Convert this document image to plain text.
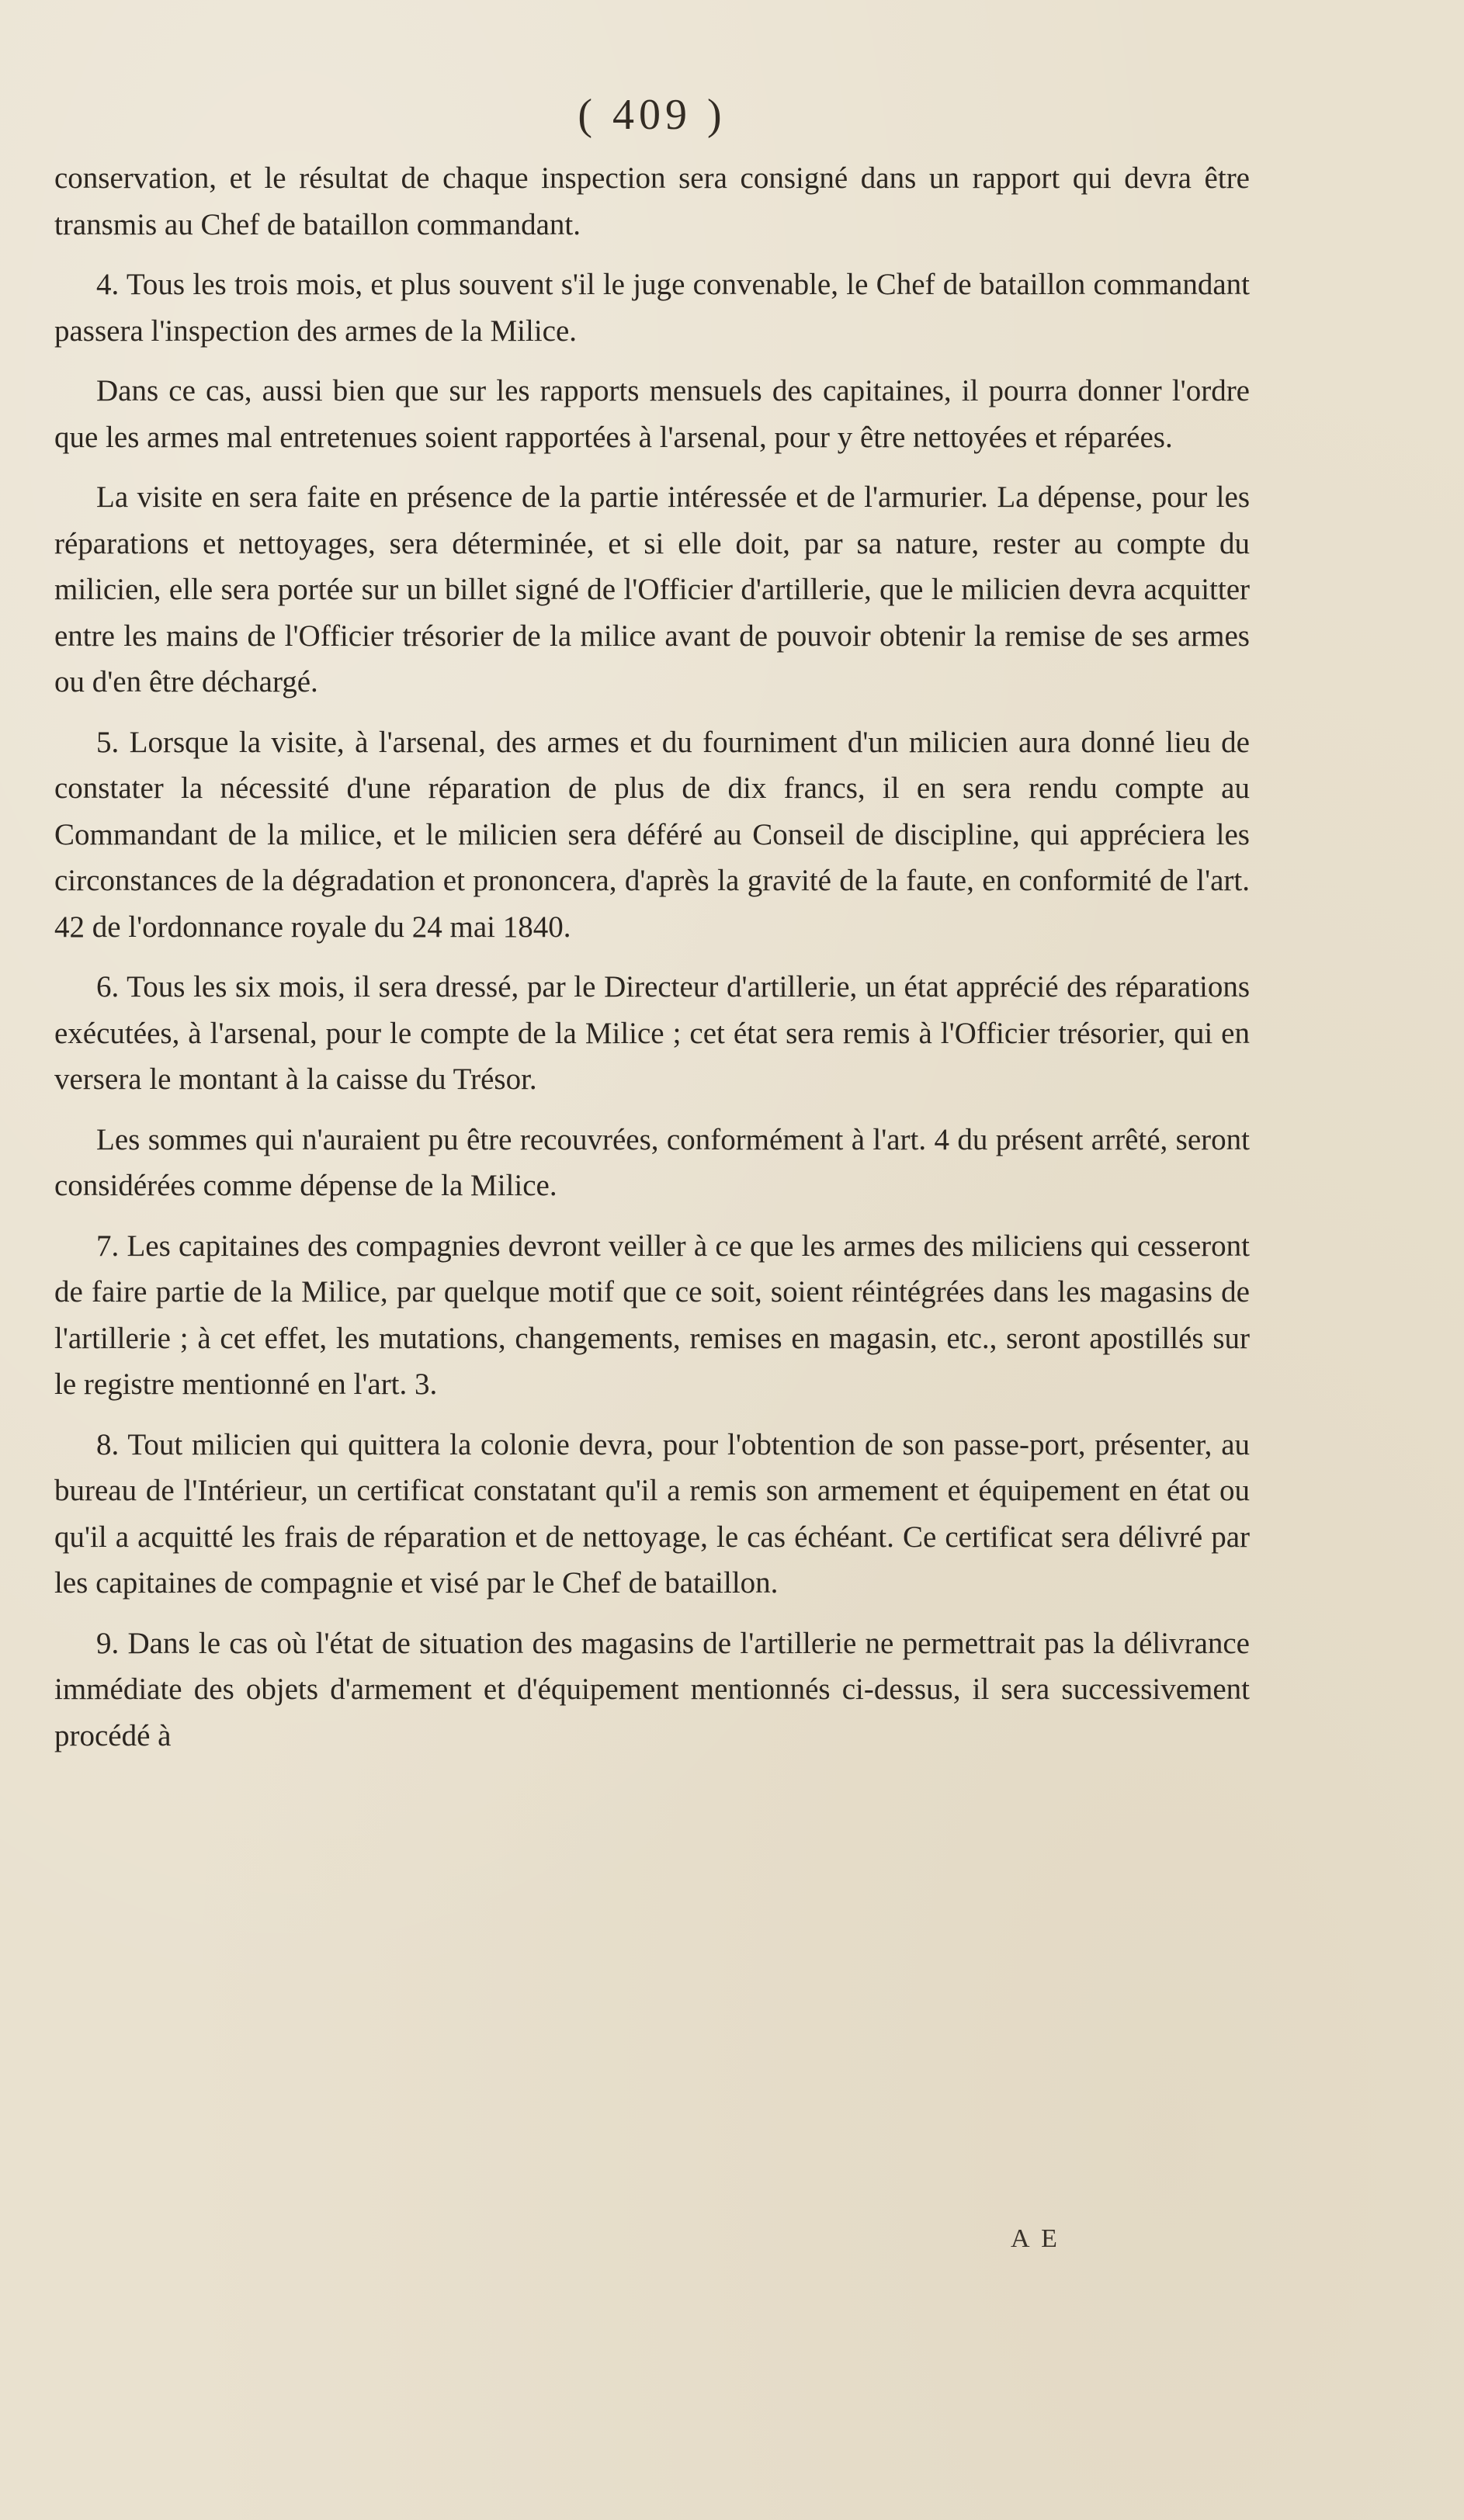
( 409 )

conservation, et le résultat de chaque inspection sera consigné dans un rapport qui devra être transmis au Chef de bataillon commandant.

4. Tous les trois mois, et plus souvent s'il le juge convenable, le Chef de bataillon commandant passera l'inspection des armes de la Milice.

Dans ce cas, aussi bien que sur les rapports mensuels des capitaines, il pourra donner l'ordre que les armes mal entretenues soient rapportées à l'arsenal, pour y être nettoyées et réparées.

La visite en sera faite en présence de la partie intéressée et de l'armurier. La dépense, pour les réparations et nettoyages, sera déterminée, et si elle doit, par sa nature, rester au compte du milicien, elle sera portée sur un billet signé de l'Officier d'artillerie, que le milicien devra acquitter entre les mains de l'Officier trésorier de la milice avant de pouvoir obtenir la remise de ses armes ou d'en être déchargé.

5. Lorsque la visite, à l'arsenal, des armes et du fourniment d'un milicien aura donné lieu de constater la nécessité d'une réparation de plus de dix francs, il en sera rendu compte au Commandant de la milice, et le milicien sera déféré au Conseil de discipline, qui appréciera les circonstances de la dégradation et prononcera, d'après la gravité de la faute, en conformité de l'art. 42 de l'ordonnance royale du 24 mai 1840.

6. Tous les six mois, il sera dressé, par le Directeur d'artillerie, un état apprécié des réparations exécutées, à l'arsenal, pour le compte de la Milice ; cet état sera remis à l'Officier trésorier, qui en versera le montant à la caisse du Trésor.

Les sommes qui n'auraient pu être recouvrées, conformément à l'art. 4 du présent arrêté, seront considérées comme dépense de la Milice.

7. Les capitaines des compagnies devront veiller à ce que les armes des miliciens qui cesseront de faire partie de la Milice, par quelque motif que ce soit, soient réintégrées dans les magasins de l'artillerie ; à cet effet, les mutations, changements, remises en magasin, etc., seront apostillés sur le registre mentionné en l'art. 3.

8. Tout milicien qui quittera la colonie devra, pour l'obtention de son passe-port, présenter, au bureau de l'Intérieur, un certificat constatant qu'il a remis son armement et équipement en état ou qu'il a acquitté les frais de réparation et de nettoyage, le cas échéant. Ce certificat sera délivré par les capitaines de compagnie et visé par le Chef de bataillon.

9. Dans le cas où l'état de situation des magasins de l'artillerie ne permettrait pas la délivrance immédiate des objets d'armement et d'équipement mentionnés ci-dessus, il sera successivement procédé à

A E
